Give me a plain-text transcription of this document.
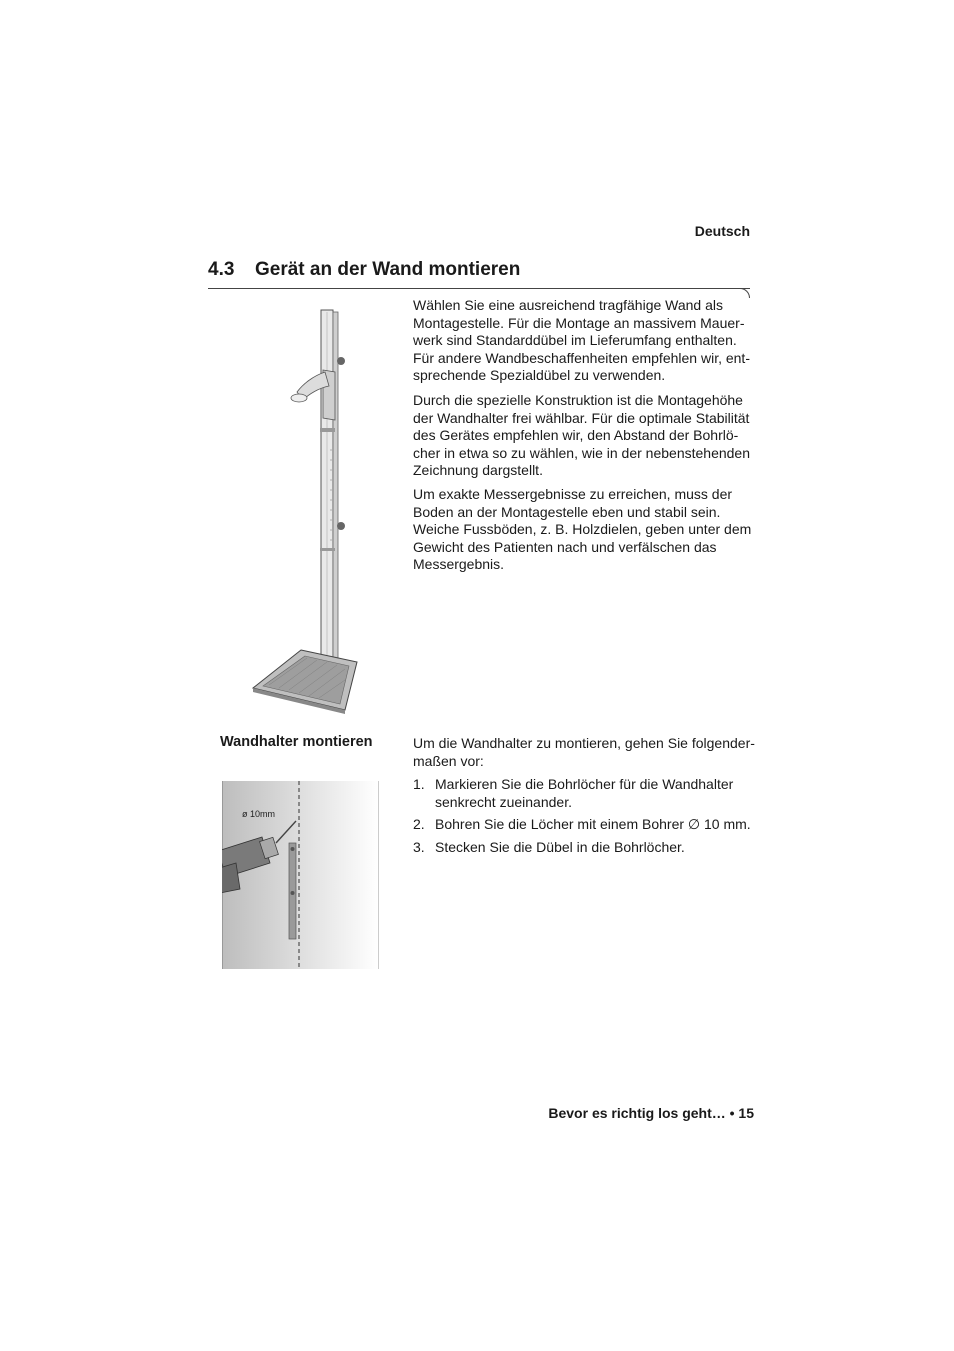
Deutsch
4.3 Gerät an der Wand montieren
Wählen Sie eine ausreichend tragfähige Wand als Montagestelle. Für die Montage an massivem Mauer-werk sind Standarddübel im Lieferumfang enthalten. Für andere Wandbeschaffenheiten empfehlen wir, ent-sprechende Spezialdübel zu verwenden.
Durch die spezielle Konstruktion ist die Montagehöhe der Wandhalter frei wählbar. Für die optimale Stabilität des Gerätes empfehlen wir, den Abstand der Bohrlö-cher in etwa so zu wählen, wie in der nebenstehenden Zeichnung dargstellt.
Um exakte Messergebnisse zu erreichen, muss der Boden an der Montagestelle eben und stabil sein. Weiche Fussböden, z. B. Holzdielen, geben unter dem Gewicht des Patienten nach und verfälschen das Messergebnis.
Wandhalter montieren	Um die Wandhalter zu montieren, gehen Sie folgender-maßen vor:
1. Markieren Sie die Bohrlöcher für die Wandhalter senkrecht zueinander.
2. Bohren Sie die Löcher mit einem Bohrer ∅ 10 mm.
3. Stecken Sie die Dübel in die Bohrlöcher.
ø 10mm
Bevor es richtig los geht… • 15
